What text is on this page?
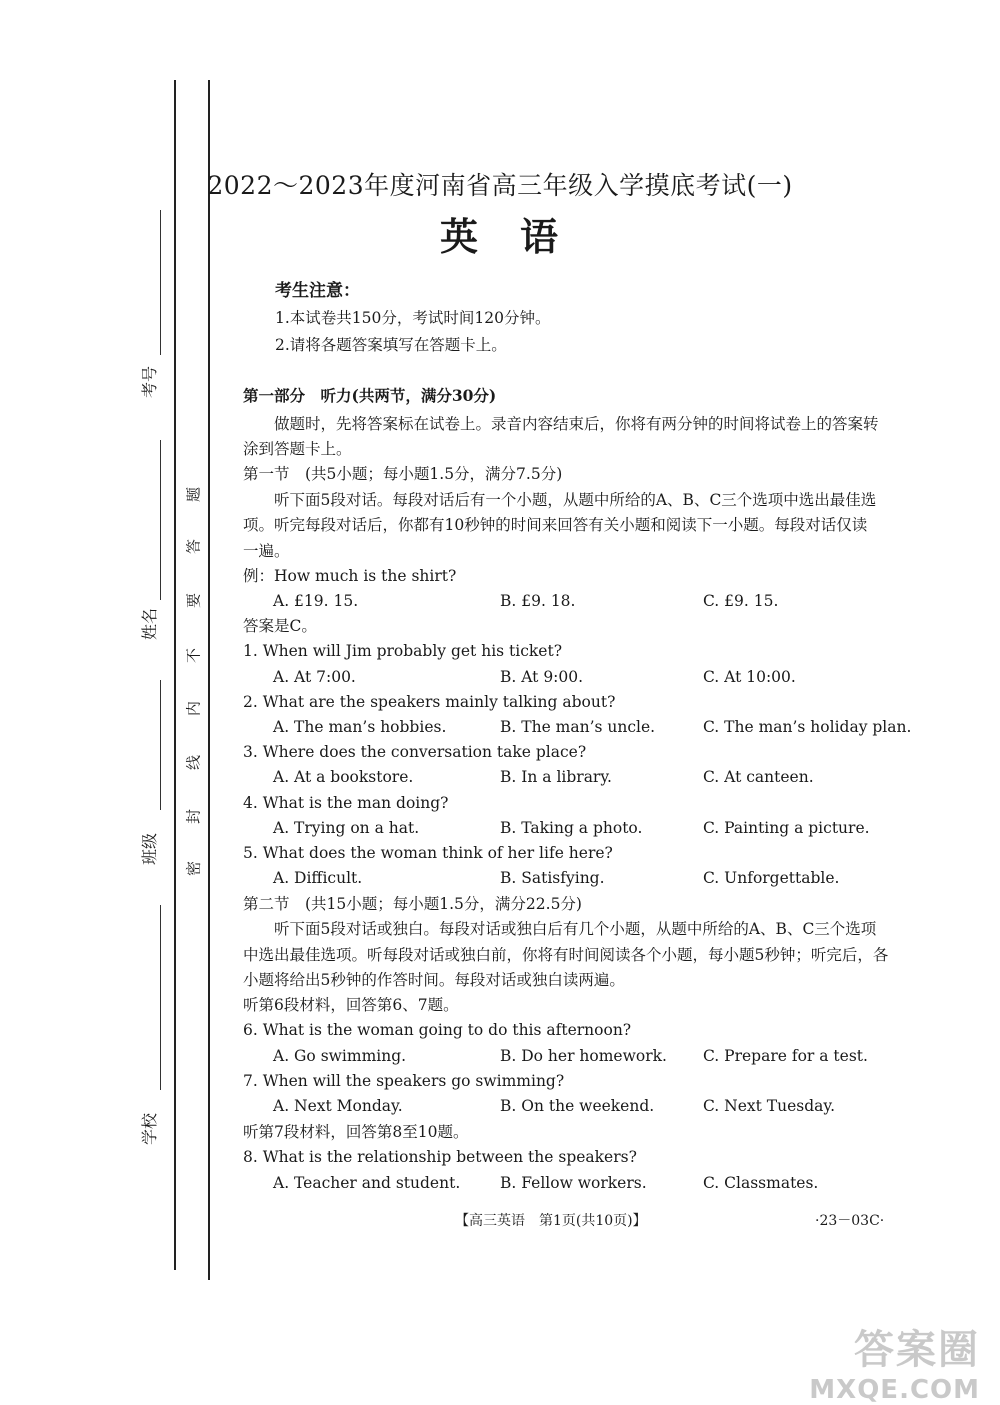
考号
姓名
班级
学校
题
答
要
不
内
线
封
密
2022～2023年度河南省高三年级入学摸底考试(一)
英语
考生注意：
1.本试卷共150分，考试时间120分钟。
2.请将各题答案填写在答题卡上。
第一部分　听力(共两节，满分30分)
做题时，先将答案标在试卷上。录音内容结束后，你将有两分钟的时间将试卷上的答案转
涂到答题卡上。
第一节　(共5小题；每小题1.5分，满分7.5分)
听下面5段对话。每段对话后有一个小题，从题中所给的A、B、C三个选项中选出最佳选
项。听完每段对话后，你都有10秒钟的时间来回答有关小题和阅读下一小题。每段对话仅读
一遍。
例：How much is the shirt?
A. £19. 15.	B. £9. 18.	C. £9. 15.
答案是C。
1. When will Jim probably get his ticket?
A. At 7:00.	B. At 9:00.	C. At 10:00.
2. What are the speakers mainly talking about?
A. The man’s hobbies.	B. The man’s uncle.	C. The man’s holiday plan.
3. Where does the conversation take place?
A. At a bookstore.	B. In a library.	C. At canteen.
4. What is the man doing?
A. Trying on a hat.	B. Taking a photo.	C. Painting a picture.
5. What does the woman think of her life here?
A. Difficult.	B. Satisfying.	C. Unforgettable.
第二节　(共15小题；每小题1.5分，满分22.5分)
听下面5段对话或独白。每段对话或独白后有几个小题，从题中所给的A、B、C三个选项
中选出最佳选项。听每段对话或独白前，你将有时间阅读各个小题，每小题5秒钟；听完后，各
小题将给出5秒钟的作答时间。每段对话或独白读两遍。
听第6段材料，回答第6、7题。
6. What is the woman going to do this afternoon?
A. Go swimming.	B. Do her homework. C. Prepare for a test.
7. When will the speakers go swimming?
A. Next Monday.	B. On the weekend.	C. Next Tuesday.
听第7段材料，回答第8至10题。
8. What is the relationship between the speakers?
A. Teacher and student.	B. Fellow workers.	C. Classmates.
【高三英语　第1页(共10页)】	·23－03C·
答案圈
MXQE.COM
